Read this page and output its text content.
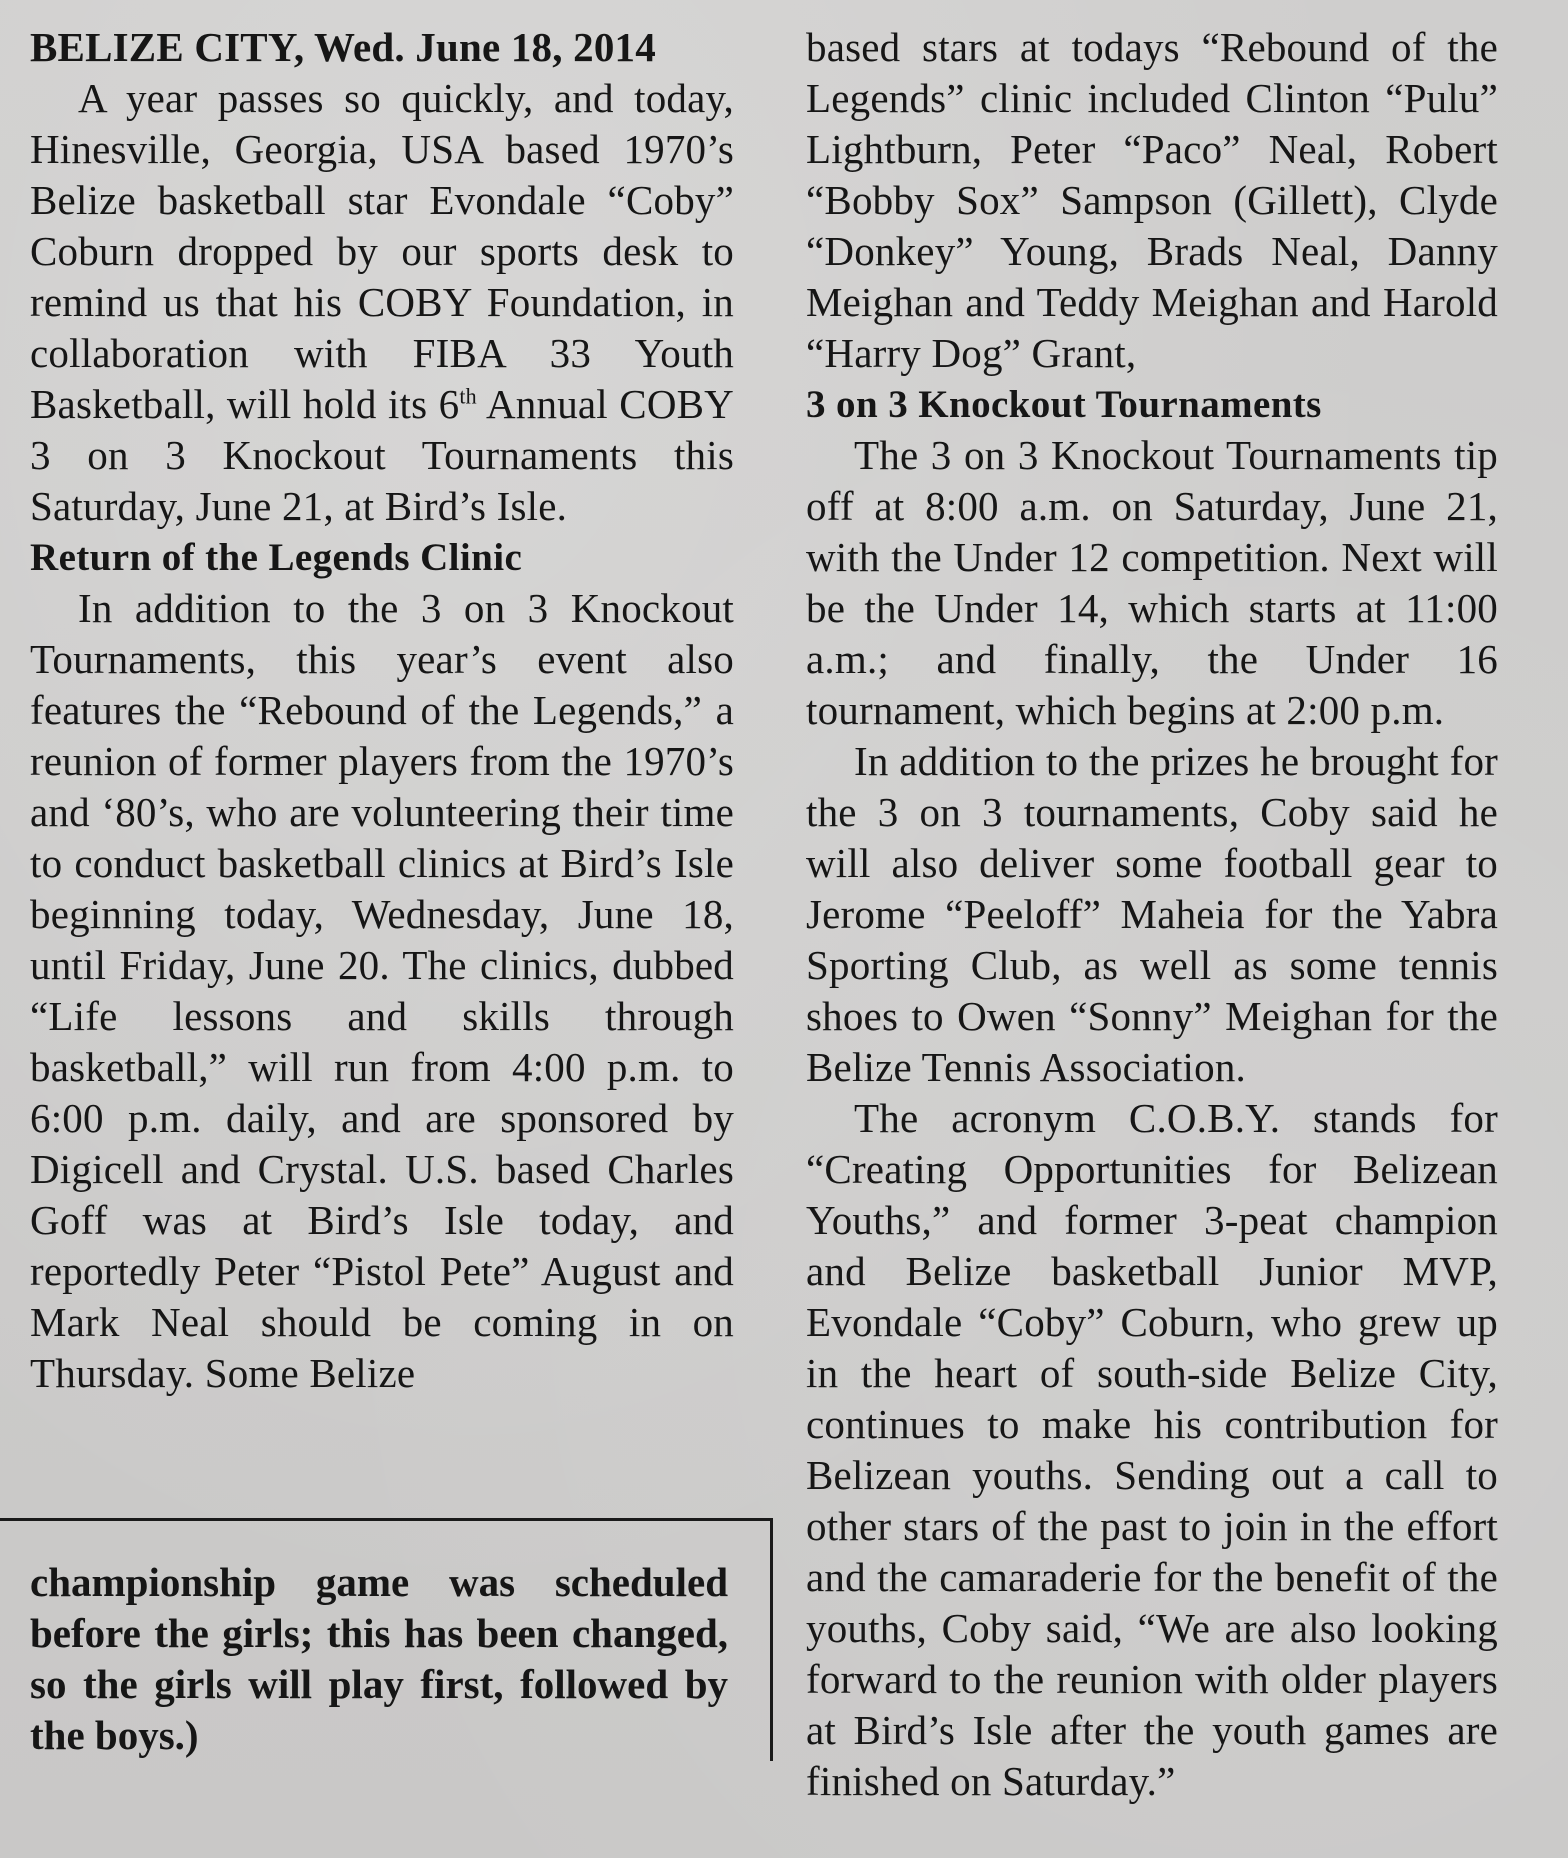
BELIZE CITY, Wed. June 18, 2014

A year passes so quickly, and today, Hinesville, Georgia, USA based 1970’s Belize basketball star Evondale “Coby” Coburn dropped by our sports desk to remind us that his COBY Foundation, in collaboration with FIBA 33 Youth Basketball, will hold its 6th Annual COBY 3 on 3 Knockout Tournaments this Saturday, June 21, at Bird’s Isle.

Return of the Legends Clinic

In addition to the 3 on 3 Knockout Tournaments, this year’s event also features the “Rebound of the Legends,” a reunion of former players from the 1970’s and ‘80’s, who are volunteering their time to conduct basketball clinics at Bird’s Isle beginning today, Wednesday, June 18, until Friday, June 20. The clinics, dubbed “Life lessons and skills through basketball,” will run from 4:00 p.m. to 6:00 p.m. daily, and are sponsored by Digicell and Crystal. U.S. based Charles Goff was at Bird’s Isle today, and reportedly Peter “Pistol Pete” August and Mark Neal should be coming in on Thursday. Some Belize

based stars at todays “Rebound of the Legends” clinic included Clinton “Pulu” Lightburn, Peter “Paco” Neal, Robert “Bobby Sox” Sampson (Gillett), Clyde “Donkey” Young, Brads Neal, Danny Meighan and Teddy Meighan and Harold “Harry Dog” Grant,

3 on 3 Knockout Tournaments

The 3 on 3 Knockout Tournaments tip off at 8:00 a.m. on Saturday, June 21, with the Under 12 competition. Next will be the Under 14, which starts at 11:00 a.m.; and finally, the Under 16 tournament, which begins at 2:00 p.m.

In addition to the prizes he brought for the 3 on 3 tournaments, Coby said he will also deliver some football gear to Jerome “Peeloff” Maheia for the Yabra Sporting Club, as well as some tennis shoes to Owen “Sonny” Meighan for the Belize Tennis Association.

The acronym C.O.B.Y. stands for “Creating Opportunities for Belizean Youths,” and former 3-peat champion and Belize basketball Junior MVP, Evondale “Coby” Coburn, who grew up in the heart of south-side Belize City, continues to make his contribution for Belizean youths. Sending out a call to other stars of the past to join in the effort and the camaraderie for the benefit of the youths, Coby said, “We are also looking forward to the reunion with older players at Bird’s Isle after the youth games are finished on Saturday.”

championship game was scheduled before the girls; this has been changed, so the girls will play first, followed by the boys.)
